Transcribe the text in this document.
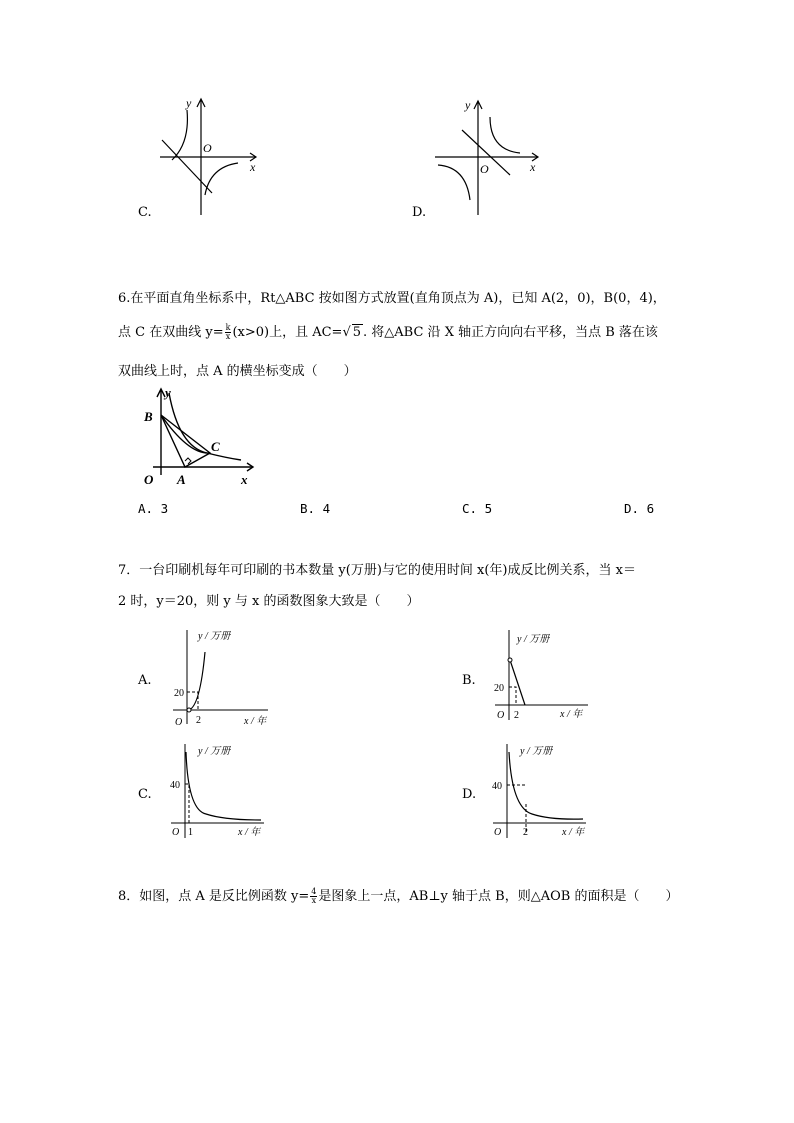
y
x
O
C.
y
x
O
D.
6.在平面直角坐标系中，Rt△ABC 按如图方式放置(直角顶点为 A)，已知 A(2，0)，B(0，4)，
点 C 在双曲线 $y= \frac{k}{x} (x>0)$上，且 AC=√ 5 . 将△ABC 沿 X 轴正方向向右平移，当点 B 落在该
双曲线上时，点 A 的横坐标变成（　　）
B
C
A
O	x
y
A. 3	B. 4	C. 5	D. 6
7．一台印刷机每年可印刷的书本数量 y(万册)与它的使用时间 x(年)成反比例关系，当 x＝
2 时，y＝20，则 y 与 x 的函数图象大致是（　　）
A.
y / 万册
20
2
O	x / 年
B.
y / 万册
20
2
O	x / 年
C.
y / 万册
40
1
O	x / 年
D.
y / 万册
40
2
O	x / 年
8．如图，点 A 是反比例函数 $y= \frac{4}{x}$ 是图象上一点，AB⊥y 轴于点 B，则△AOB 的面积是（　　）
